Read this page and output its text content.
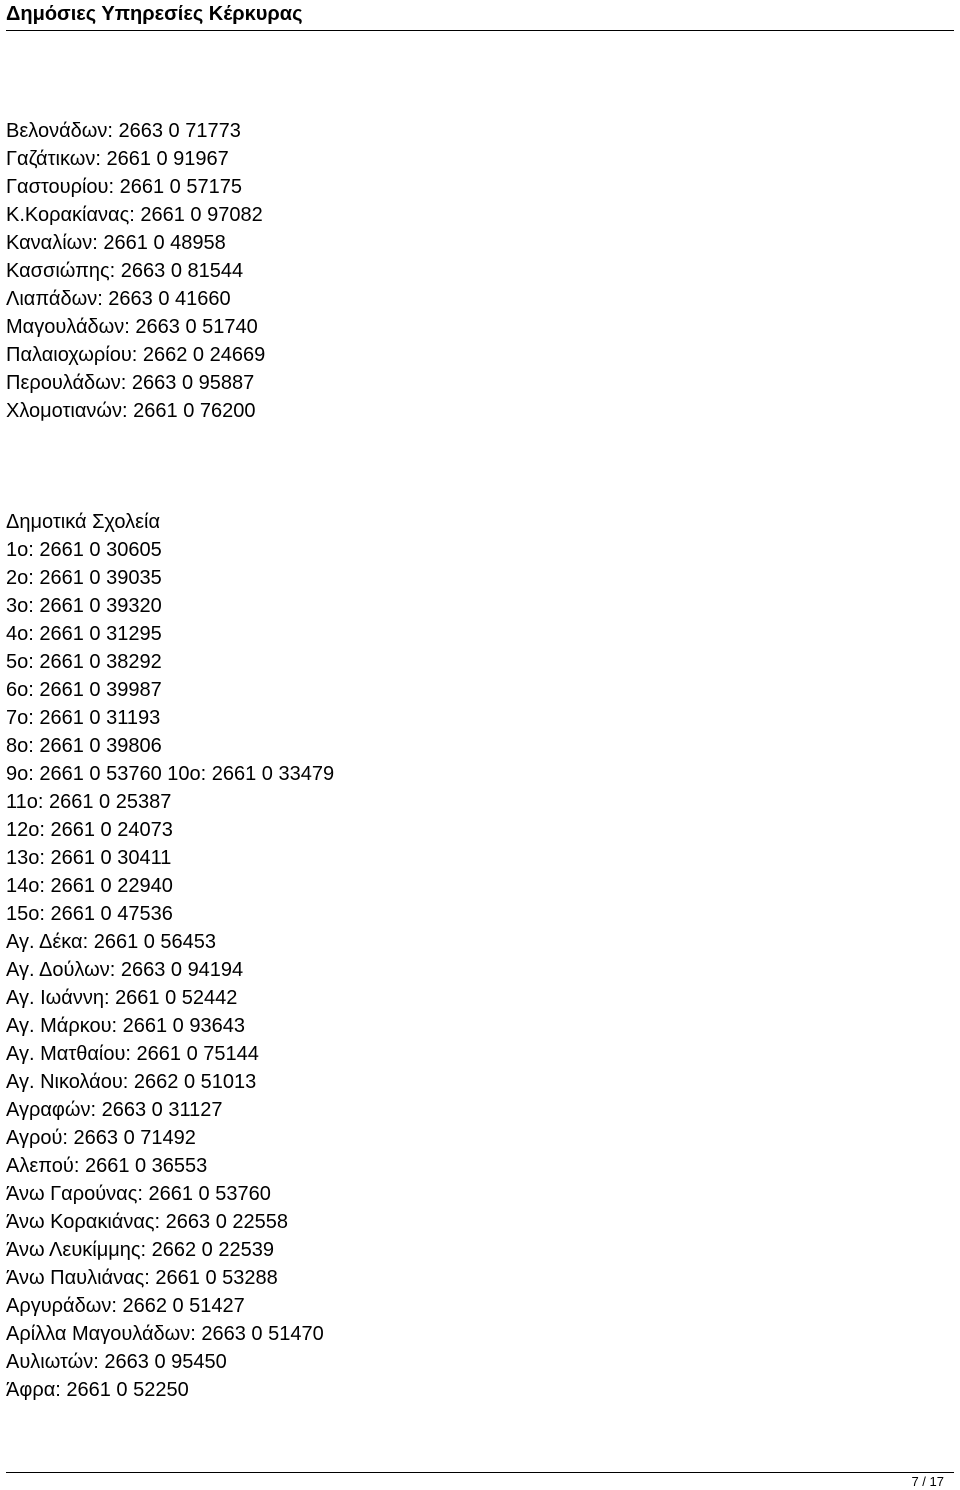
Δημόσιες Υπηρεσίες Κέρκυρας
Βελονάδων: 2663 0 71773
Γαζάτικων: 2661 0 91967
Γαστουρίου: 2661 0 57175
Κ.Κορακίανας: 2661 0 97082
Καναλίων: 2661 0 48958
Κασσιώπης: 2663 0 81544
Λιαπάδων: 2663 0 41660
Μαγουλάδων: 2663 0 51740
Παλαιοχωρίου: 2662 0 24669
Περουλάδων: 2663 0 95887
Χλομοτιανών: 2661 0 76200
Δημοτικά Σχολεία
1ο: 2661 0 30605
2ο: 2661 0 39035
3ο: 2661 0 39320
4ο: 2661 0 31295
5ο: 2661 0 38292
6ο: 2661 0 39987
7ο: 2661 0 31193
8ο: 2661 0 39806
9ο: 2661 0 53760 10ο: 2661 0 33479
11ο: 2661 0 25387
12ο: 2661 0 24073
13ο: 2661 0 30411
14ο: 2661 0 22940
15ο: 2661 0 47536
Αγ. Δέκα: 2661 0 56453
Αγ. Δούλων: 2663 0 94194
Αγ. Ιωάννη: 2661 0 52442
Αγ. Μάρκου: 2661 0 93643
Αγ. Ματθαίου: 2661 0 75144
Αγ. Νικολάου: 2662 0 51013
Αγραφών: 2663 0 31127
Αγρού: 2663 0 71492
Αλεπού: 2661 0 36553
Άνω Γαρούνας: 2661 0 53760
Άνω Κορακιάνας: 2663 0 22558
Άνω Λευκίμμης: 2662 0 22539
Άνω Παυλιάνας: 2661 0 53288
Αργυράδων: 2662 0 51427
Αρίλλα Μαγουλάδων: 2663 0 51470
Αυλιωτών: 2663 0 95450
Άφρα: 2661 0 52250
7 / 17
